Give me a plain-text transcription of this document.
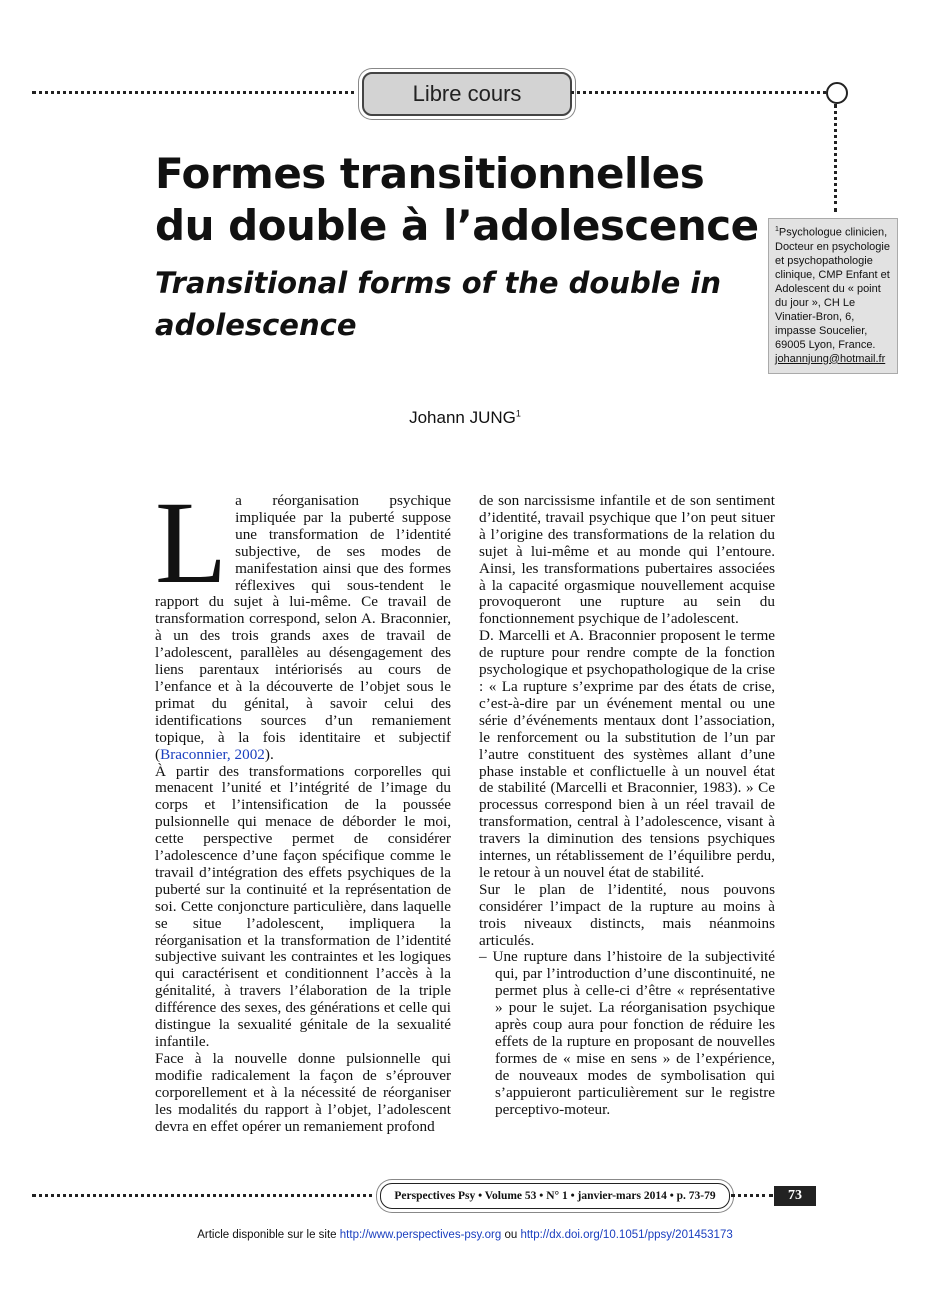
Libre cours
Formes transitionnelles
du double à l’adolescence
Transitional forms of the double in adolescence
$^1$Psychologue clinicien, Docteur en psychologie et psychopathologie clinique, CMP Enfant et Adolescent du « point du jour », CH Le Vinatier-Bron, 6, impasse Soucelier, 69005 Lyon, France.
johannjung@hotmail.fr
Johann JUNG$^1$

L a réorganisation psychique impliquée par la puberté suppose une transformation de l’identité subjective, de ses modes de manifestation ainsi que des formes réflexives qui sous-tendent le rapport du sujet à lui-même. Ce travail de transformation correspond, selon A. Braconnier, à un des trois grands axes de travail de l’adolescent, parallèles au désengagement des liens parentaux intériorisés au cours de l’enfance et à la découverte de l’objet sous le primat du génital, à savoir celui des identifications sources d’un remaniement topique, à la fois identitaire et subjectif (Braconnier, 2002).

À partir des transformations corporelles qui menacent l’unité et l’intégrité de l’image du corps et l’intensification de la poussée pulsionnelle qui menace de déborder le moi, cette perspective permet de considérer l’adolescence d’une façon spécifique comme le travail d’intégration des effets psychiques de la puberté sur la continuité et la représentation de soi. Cette conjoncture particulière, dans laquelle se situe l’adolescent, impliquera la réorganisation et la transformation de l’identité subjective suivant les contraintes et les logiques qui caractérisent et conditionnent l’accès à la génitalité, à travers l’élaboration de la triple différence des sexes, des générations et celle qui distingue la sexualité génitale de la sexualité infantile.

Face à la nouvelle donne pulsionnelle qui modifie radicalement la façon de s’éprouver corporellement et à la nécessité de réorganiser les modalités du rapport à l’objet, l’adolescent devra en effet opérer un remaniement profond

de son narcissisme infantile et de son sentiment d’identité, travail psychique que l’on peut situer à l’origine des transformations de la relation du sujet à lui-même et au monde qui l’entoure. Ainsi, les transformations pubertaires associées à la capacité orgasmique nouvellement acquise provoqueront une rupture au sein du fonctionnement psychique de l’adolescent.

D. Marcelli et A. Braconnier proposent le terme de rupture pour rendre compte de la fonction psychologique et psychopathologique de la crise : « La rupture s’exprime par des états de crise, c’est-à-dire par un événement mental ou une série d’événements mentaux dont l’association, le renforcement ou la substitution de l’un par l’autre constituent des systèmes allant d’une phase instable et conflictuelle à un nouvel état de stabilité (Marcelli et Braconnier, 1983). » Ce processus correspond bien à un réel travail de transformation, central à l’adolescence, visant à travers la diminution des tensions psychiques internes, un rétablissement de l’équilibre perdu, le retour à un nouvel état de stabilité.

Sur le plan de l’identité, nous pouvons considérer l’impact de la rupture au moins à trois niveaux distincts, mais néanmoins articulés.

– Une rupture dans l’histoire de la subjectivité qui, par l’introduction d’une discontinuité, ne permet plus à celle-ci d’être « représentative » pour le sujet. La réorganisation psychique après coup aura pour fonction de réduire les effets de la rupture en proposant de nouvelles formes de « mise en sens » de l’expérience, de nouveaux modes de symbolisation qui s’appuieront particulièrement sur le registre perceptivo-moteur.

Perspectives Psy • Volume 53 • N° 1 • janvier-mars 2014 • p. 73-79	73
Article disponible sur le site http://www.perspectives-psy.org ou http://dx.doi.org/10.1051/ppsy/201453173
